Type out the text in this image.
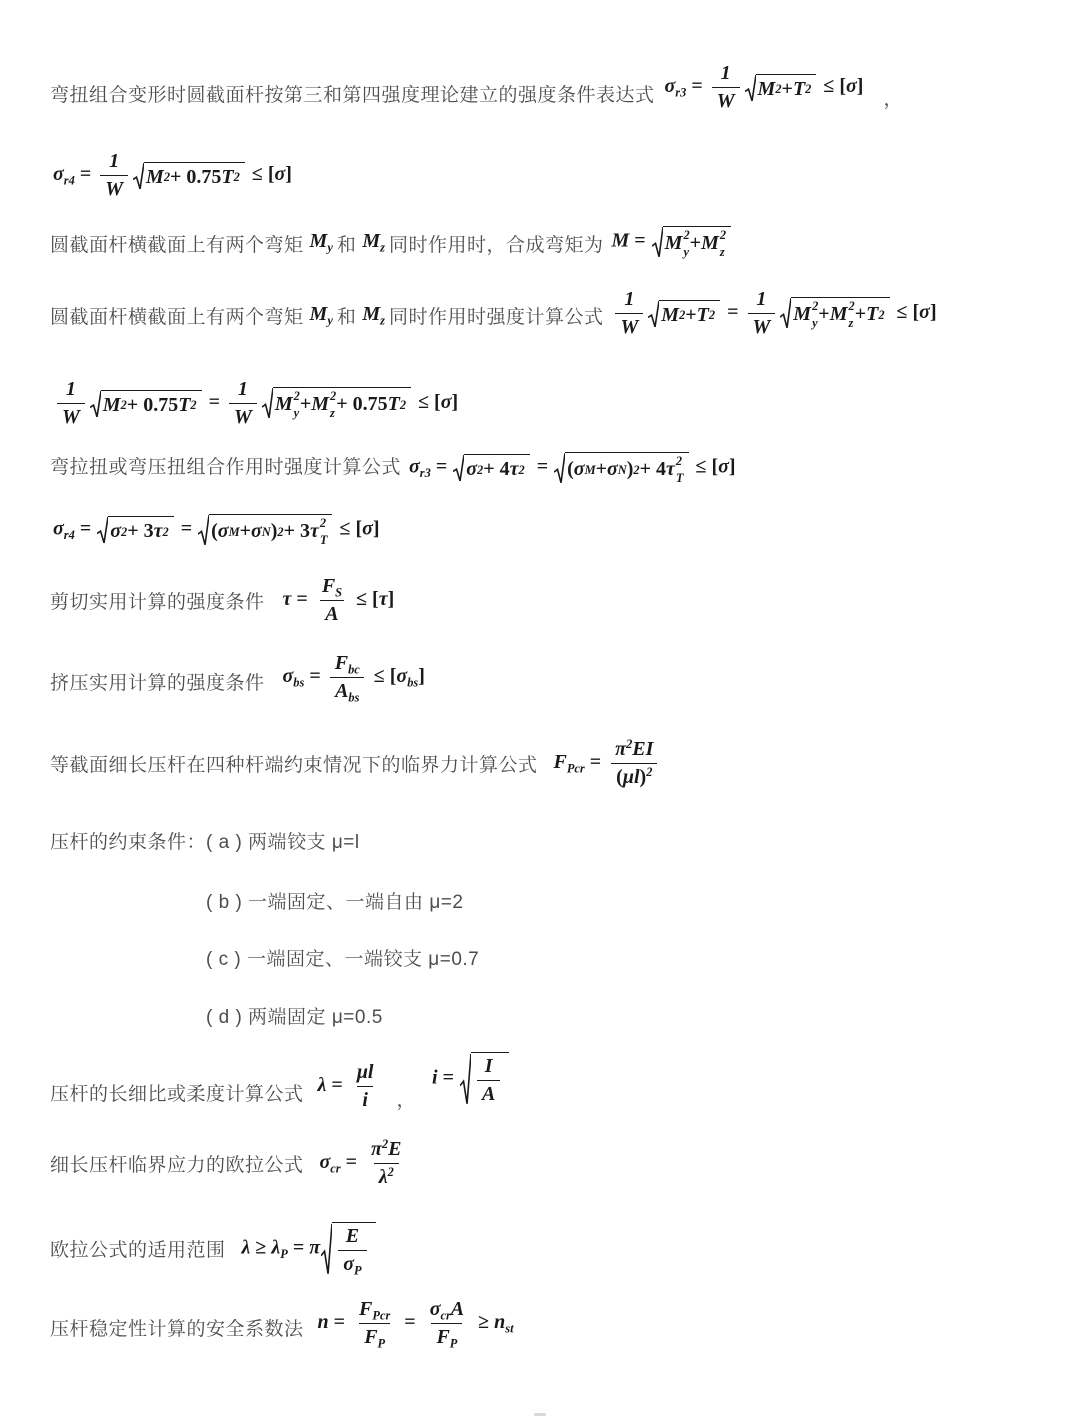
弯扭组合变形时圆截面杆按第三和第四强度理论建立的强度条件表达式 $\sigma_{r3} = \frac{1}{W}$ M 2 + T 2 ≤ [σ]
，
$\sigma_{r4} = \frac{1}{W}$ M 2 + 0.75 T 2 ≤ [σ]
圆截面杆横截面上有两个弯矩 $M_y$ 和 $M_z$ 同时作用时，合成弯矩为 M = M 2
y + M 2
z
圆截面杆横截面上有两个弯矩 $M_y$ 和 $M_z$ 同时作用时强度计算公式 $\frac{1}{W}$ M 2 + T $2 = \frac{1}{W}$ M 2
y + M 2
z + T 2 ≤ [σ]
$\frac{1}{W}$ M 2 + 0.75 T $2 = \frac{1}{W}$ M 2
y + M 2
z + 0.75 T 2 ≤ [σ]
弯拉扭或弯压扭组合作用时强度计算公式 $\sigma_{r3} = \sigma$ 2 + 4 τ 2 = ( σ M + σ N ) 2 + 4 τ 2
T
≤ [σ]
$\sigma_{r4} = \sigma$ 2 + 3 τ 2 = ( σ M + σ N ) 2 + 3 τ 2
T
≤ [σ]
剪切实用计算的强度条件 $\tau = \frac{F_S}{A} \le [\tau]$
挤压实用计算的强度条件 $\sigma_{bs} = \frac{F_{bc}}{A_{bs}} \le [\sigma_{bs}]$
等截面细长压杆在四种杆端约束情况下的临界力计算公式 $F_{Pcr} = \frac{\pi^2EI}{(\mu l)^2}$
压杆的约束条件：( a ) 两端铰支 μ=l
( b ) 一端固定、一端自由 μ=2
( c ) 一端固定、一端铰支 μ=0.7
( d ) 两端固定 μ=0.5
压杆的长细比或柔度计算公式 $\lambda = \frac{\mu l}{i}$ ，
$i = \frac{I}{A}$
细长压杆临界应力的欧拉公式 $\sigma_{cr} = \frac{\pi^2E}{\lambda^2}$
欧拉公式的适用范围 $\lambda \ge \lambda_P = \pi \frac{E}{\sigma_P}$
压杆稳定性计算的安全系数法 $n = \frac{F_{Pcr}}{F_P} = \frac{\sigma_{cr}A}{F_P} \ge n_{st}$
